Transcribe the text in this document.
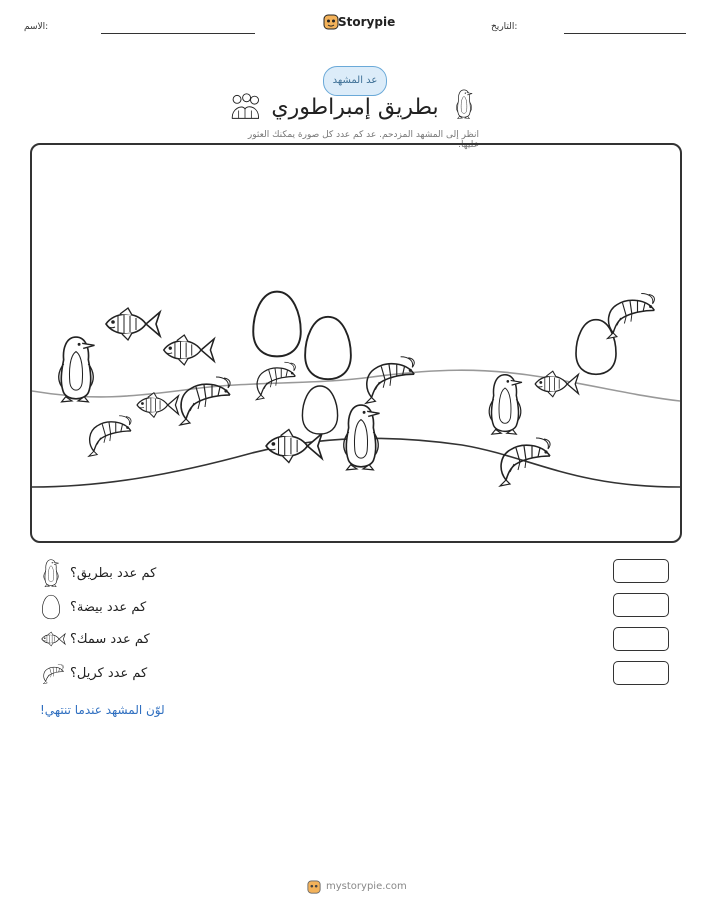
الاسم:	Storypie	التاريخ:
عد المشهد
بطريق إمبراطوري
انظر إلى المشهد المزدحم. عد كم عدد كل صورة يمكنك العثور عليها.
كم عدد بطريق؟
كم عدد بيضة؟
كم عدد سمك؟
كم عدد كريل؟
لوّن المشهد عندما تنتهي!
mystorypie.com
